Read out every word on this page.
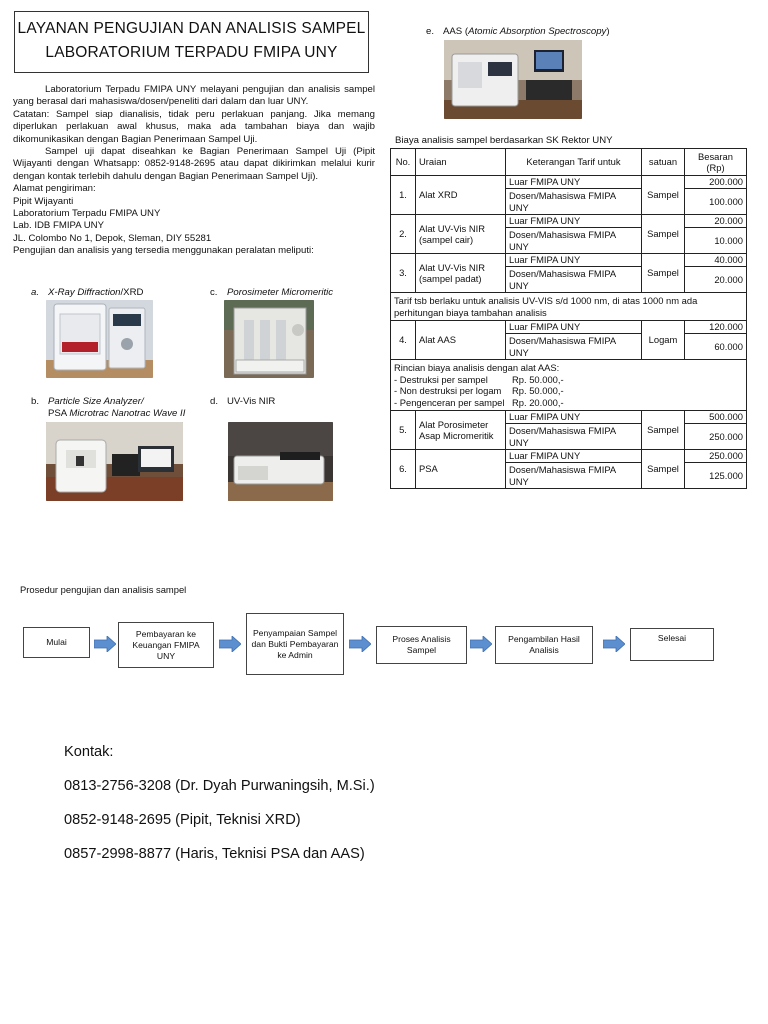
LAYANAN PENGUJIAN DAN ANALISIS SAMPEL
LABORATORIUM TERPADU FMIPA UNY

Laboratorium Terpadu FMIPA UNY melayani pengujian dan analisis sampel yang berasal dari mahasiswa/dosen/peneliti dari dalam dan luar UNY.

Catatan: Sampel siap dianalisis, tidak peru perlakuan panjang. Jika memang diperlukan perlakuan awal khusus, maka ada tambahan biaya dan wajib dikomunikasikan dengan Bagian Penerimaan Sampel Uji.

Sampel uji dapat diseahkan ke Bagian Penerimaan Sampel Uji (Pipit Wijayanti dengan Whatsapp: 0852-9148-2695 atau dapat dikirimkan melalui kurir dengan kontak terlebih dahulu dengan Bagian Penerimaan Sampel Uji).

Alamat pengiriman:

Pipit Wijayanti

Laboratorium Terpadu FMIPA UNY

Lab. IDB FMIPA UNY

JL. Colombo No 1, Depok, Sleman, DIY 55281

Pengujian dan analisis yang tersedia menggunakan peralatan meliputi:

a. X-Ray Diffraction/XRD	c. Porosimeter Micromeritic
b. Particle Size Analyzer/
PSA Microtrac Nanotrac Wave II
d. UV-Vis NIR
e. AAS (Atomic Absorption Spectroscopy)
Biaya analisis sampel berdasarkan SK Rektor UNY
No.	Uraian	Keterangan Tarif untuk	satuan	Besaran (Rp)
1.	Alat XRD	Luar FMIPA UNY	Sampel	200.000
		Dosen/Mahasiswa FMIPA UNY		100.000
2.	Alat UV-Vis NIR (sampel cair)	Luar FMIPA UNY	Sampel	20.000
		Dosen/Mahasiswa FMIPA UNY		10.000
3.	Alat UV-Vis NIR (sampel padat)	Luar FMIPA UNY	Sampel	40.000
		Dosen/Mahasiswa FMIPA UNY		20.000
Tarif tsb berlaku untuk analisis UV-VIS s/d 1000 nm, di atas 1000 nm ada perhitungan biaya tambahan analisis				
4.	Alat AAS	Luar FMIPA UNY	Logam	120.000
		Dosen/Mahasiswa FMIPA UNY		60.000

Rincian biaya analisis dengan alat AAS:
- Destruksi per sampel Rp. 50.000,-
- Non destruksi per logam Rp. 50.000,-
- Pengenceran per sampel Rp. 20.000,-				

5.	Alat Porosimeter Asap Micromeritik	Luar FMIPA UNY	Sampel	500.000
		Dosen/Mahasiswa FMIPA UNY		250.000
6.	PSA	Luar FMIPA UNY	Sampel	250.000
		Dosen/Mahasiswa FMIPA UNY		125.000
Prosedur pengujian dan analisis sampel
Mulai
Pembayaran ke Keuangan FMIPA UNY
Penyampaian Sampel dan Bukti Pembayaran ke Admin
Proses Analisis Sampel
Pengambilan Hasil Analisis
Selesai
Kontak:
0813-2756-3208 (Dr. Dyah Purwaningsih, M.Si.)
0852-9148-2695 (Pipit, Teknisi XRD)
0857-2998-8877 (Haris, Teknisi PSA dan AAS)
